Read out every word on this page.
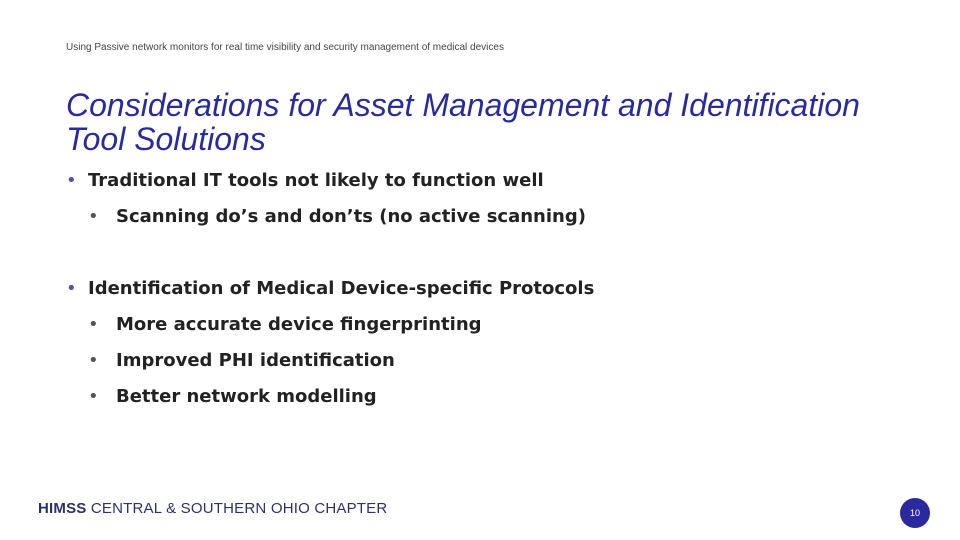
Using Passive network monitors for real time visibility and security management of medical devices
Considerations for Asset Management and Identification Tool Solutions
• Traditional IT tools not likely to function well
• Scanning do’s and don’ts (no active scanning)
• Identification of Medical Device-specific Protocols
• More accurate device fingerprinting
• Improved PHI identification
• Better network modelling
HIMSS CENTRAL & SOUTHERN OHIO CHAPTER	10
